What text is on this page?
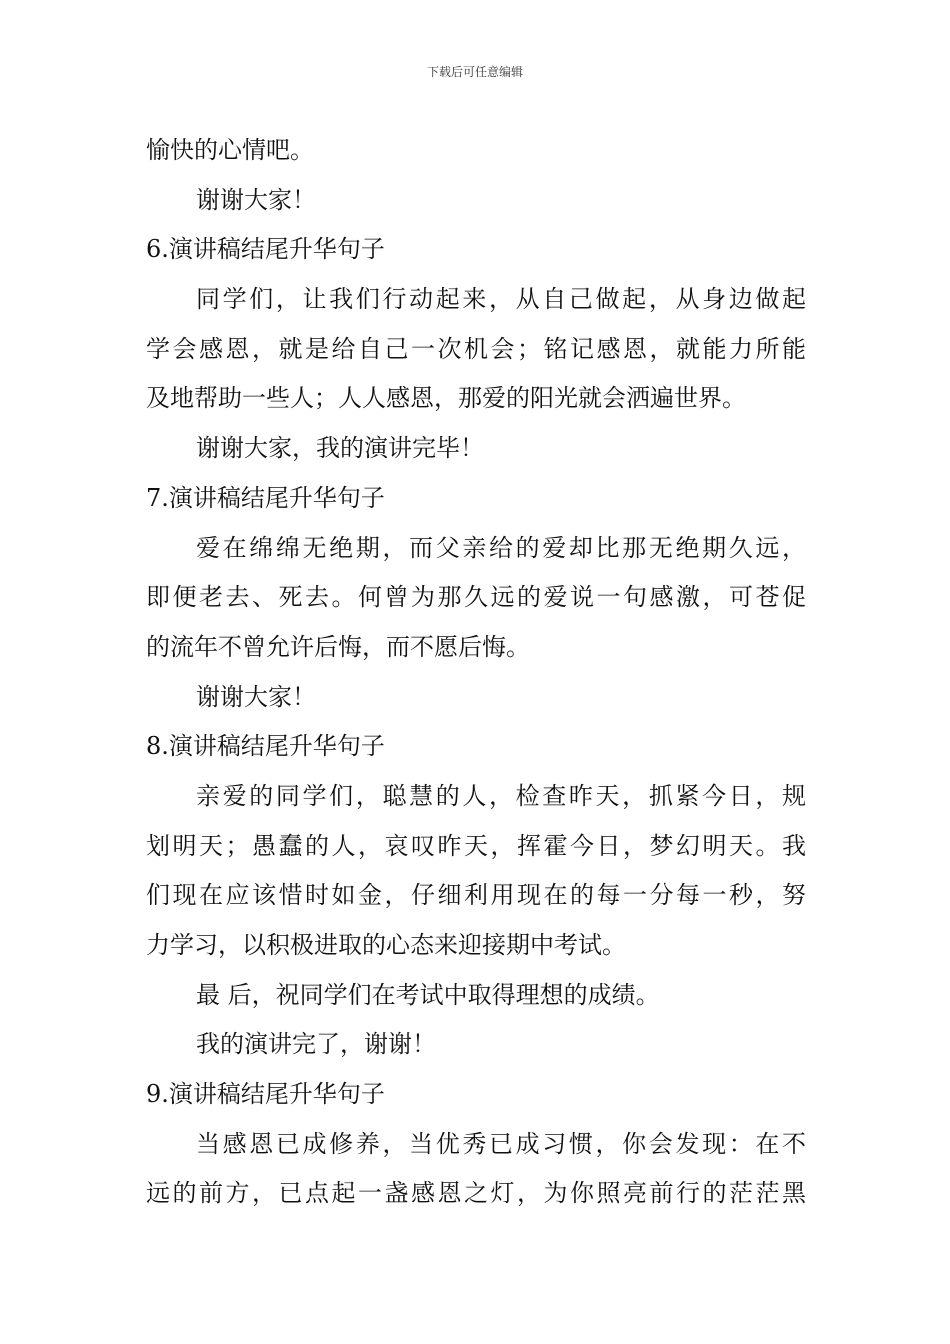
下载后可任意编辑
愉快的心情吧。
谢谢大家！
6.演讲稿结尾升华句子
同学们，让我们行动起来，从自己做起，从身边做起
学会感恩，就是给自己一次机会；铭记感恩，就能力所能
及地帮助一些人；人人感恩，那爱的阳光就会洒遍世界。
谢谢大家，我的演讲完毕！
7.演讲稿结尾升华句子
爱在绵绵无绝期，而父亲给的爱却比那无绝期久远，
即便老去、死去。何曾为那久远的爱说一句感激，可苍促
的流年不曾允许后悔，而不愿后悔。
谢谢大家！
8.演讲稿结尾升华句子
亲爱的同学们，聪慧的人，检查昨天，抓紧今日，规
划明天；愚蠢的人，哀叹昨天，挥霍今日，梦幻明天。我
们现在应该惜时如金，仔细利用现在的每一分每一秒，努
力学习，以积极进取的心态来迎接期中考试。
最 后，祝同学们在考试中取得理想的成绩。
我的演讲完了，谢谢！
9.演讲稿结尾升华句子
当感恩已成修养，当优秀已成习惯，你会发现：在不
远的前方，已点起一盏感恩之灯，为你照亮前行的茫茫黑
